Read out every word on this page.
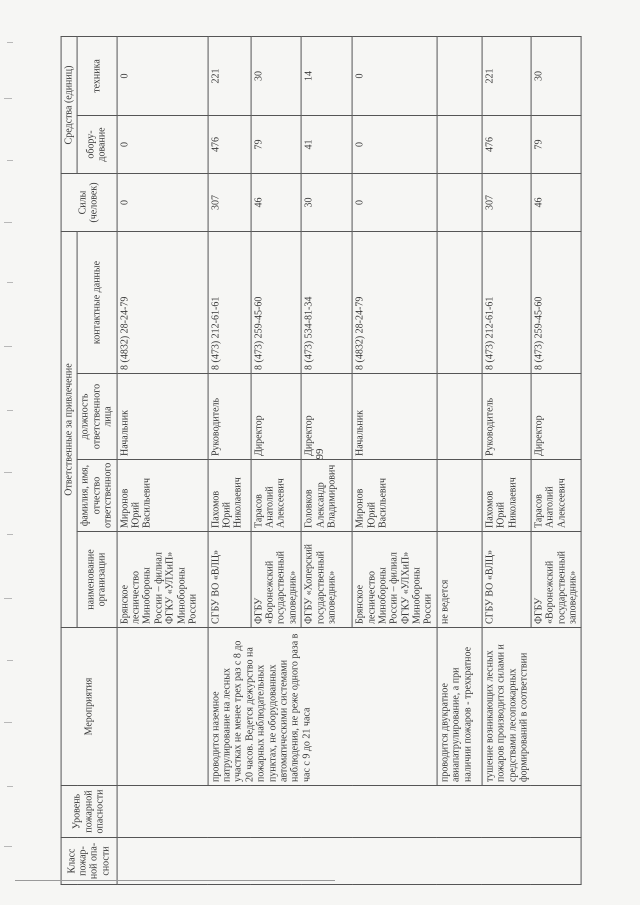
99
Класс пожар-ной опа-сности	Уровень пожарной опасности	Мероприятия	Ответственные за привлечение				Силы (человек)	Средства (единиц)	
			наименование организации	фамилия, имя, отчество ответственного	должность ответственного лица	контактные данные		обору-дование	техника
			Брянское лесничество Минобороны России – филиал ФГКУ «УЛХиП» Минобороны России	Миронов Юрий Васильевич	Начальник	8 (4832) 28-24-79	0	0	0
		проводится наземное патрулирование на лесных участках не менее трех раз с 8 до 20 часов. Ведется дежурство на пожарных наблюдательных пунктах, не оборудованных автоматическими системами наблюдения, не реже одного раза в час с 9 до 21 часа	СГБУ ВО «ВЛЦ»	Пахомов Юрий Николаевич	Руководитель	8 (473) 212-61-61	307	476	221
			ФГБУ «Воронежский государственный заповедник»	Тарасов Анатолий Алексеевич	Директор	8 (473) 259-45-60	46	79	30
			ФГБУ «Хоперский государственный заповедник»	Головков Александр Владимирович	Директор	8 (473) 534-81-34	30	41	14
			Брянское лесничество Минобороны России – филиал ФГКУ «УЛХиП» Минобороны России	Миронов Юрий Васильевич	Начальник	8 (4832) 28-24-79	0	0	0
		проводится двукратное авиапатрулирование, а при наличии пожаров - трехкратное	не ведется						
		тушение возникающих лесных пожаров производится силами и средствами лесопожарных формирований в соответствии	СГБУ ВО «ВЛЦ»	Пахомов Юрий Николаевич	Руководитель	8 (473) 212-61-61	307	476	221
			ФГБУ «Воронежский государственный заповедник»	Тарасов Анатолий Алексеевич	Директор	8 (473) 259-45-60	46	79	30
